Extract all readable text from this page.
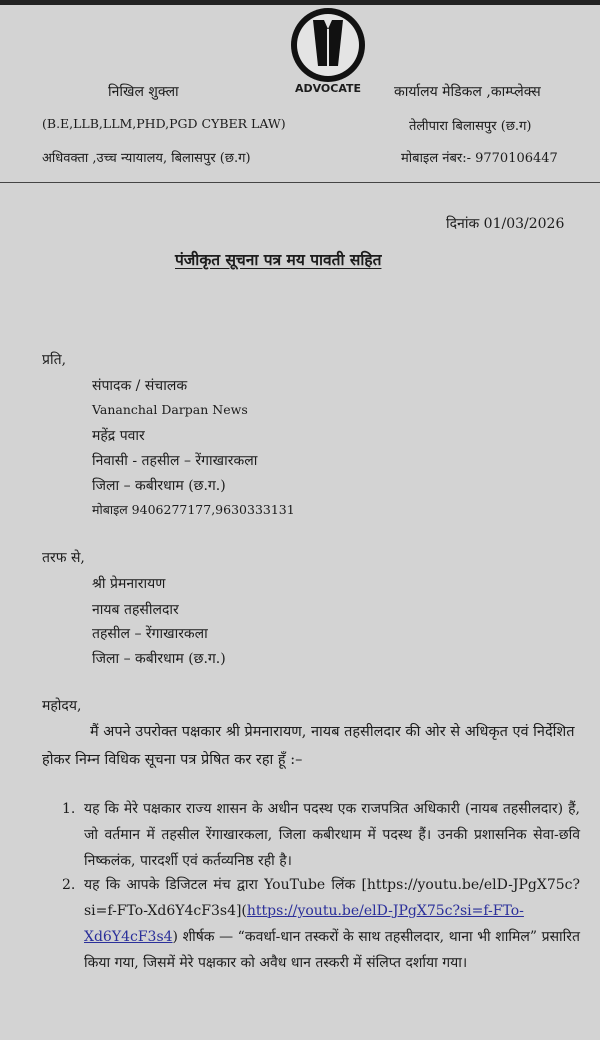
ADVOCATE
निखिल शुक्ला
(B.E,LLB,LLM,PHD,PGD CYBER LAW)
अधिवक्ता ,उच्च न्यायालय, बिलासपुर (छ.ग)
कार्यालय मेडिकल ,काम्प्लेक्स
तेलीपारा बिलासपुर (छ.ग)
मोबाइल नंबर:- 9770106447
दिनांक 01/03/2026
पंजीकृत सूचना पत्र मय पावती सहित
प्रति,
संपादक / संचालक
Vananchal Darpan News
महेंद्र पवार
निवासी - तहसील – रेंगाखारकला
जिला – कबीरधाम (छ.ग.)
मोबाइल 9406277177,9630333131
तरफ से,
श्री प्रेमनारायण
नायब तहसीलदार
तहसील – रेंगाखारकला
जिला – कबीरधाम (छ.ग.)
महोदय,
मैं अपने उपरोक्त पक्षकार श्री प्रेमनारायण, नायब तहसीलदार की ओर से अधिकृत एवं निर्देशित होकर निम्न विधिक सूचना पत्र प्रेषित कर रहा हूँ :–
1. यह कि मेरे पक्षकार राज्य शासन के अधीन पदस्थ एक राजपत्रित अधिकारी (नायब तहसीलदार) हैं, जो वर्तमान में तहसील रेंगाखारकला, जिला कबीरधाम में पदस्थ हैं। उनकी प्रशासनिक सेवा-छवि निष्कलंक, पारदर्शी एवं कर्तव्यनिष्ठ रही है।
2. यह कि आपके डिजिटल मंच द्वारा YouTube लिंक [https://youtu.be/elD-JPgX75c?si=f-FTo-Xd6Y4cF3s4](https://youtu.be/elD-JPgX75c?si=f-FTo-Xd6Y4cF3s4) शीर्षक — “कवर्धा-धान तस्करों के साथ तहसीलदार, थाना भी शामिल” प्रसारित किया गया, जिसमें मेरे पक्षकार को अवैध धान तस्करी में संलिप्त दर्शाया गया।
